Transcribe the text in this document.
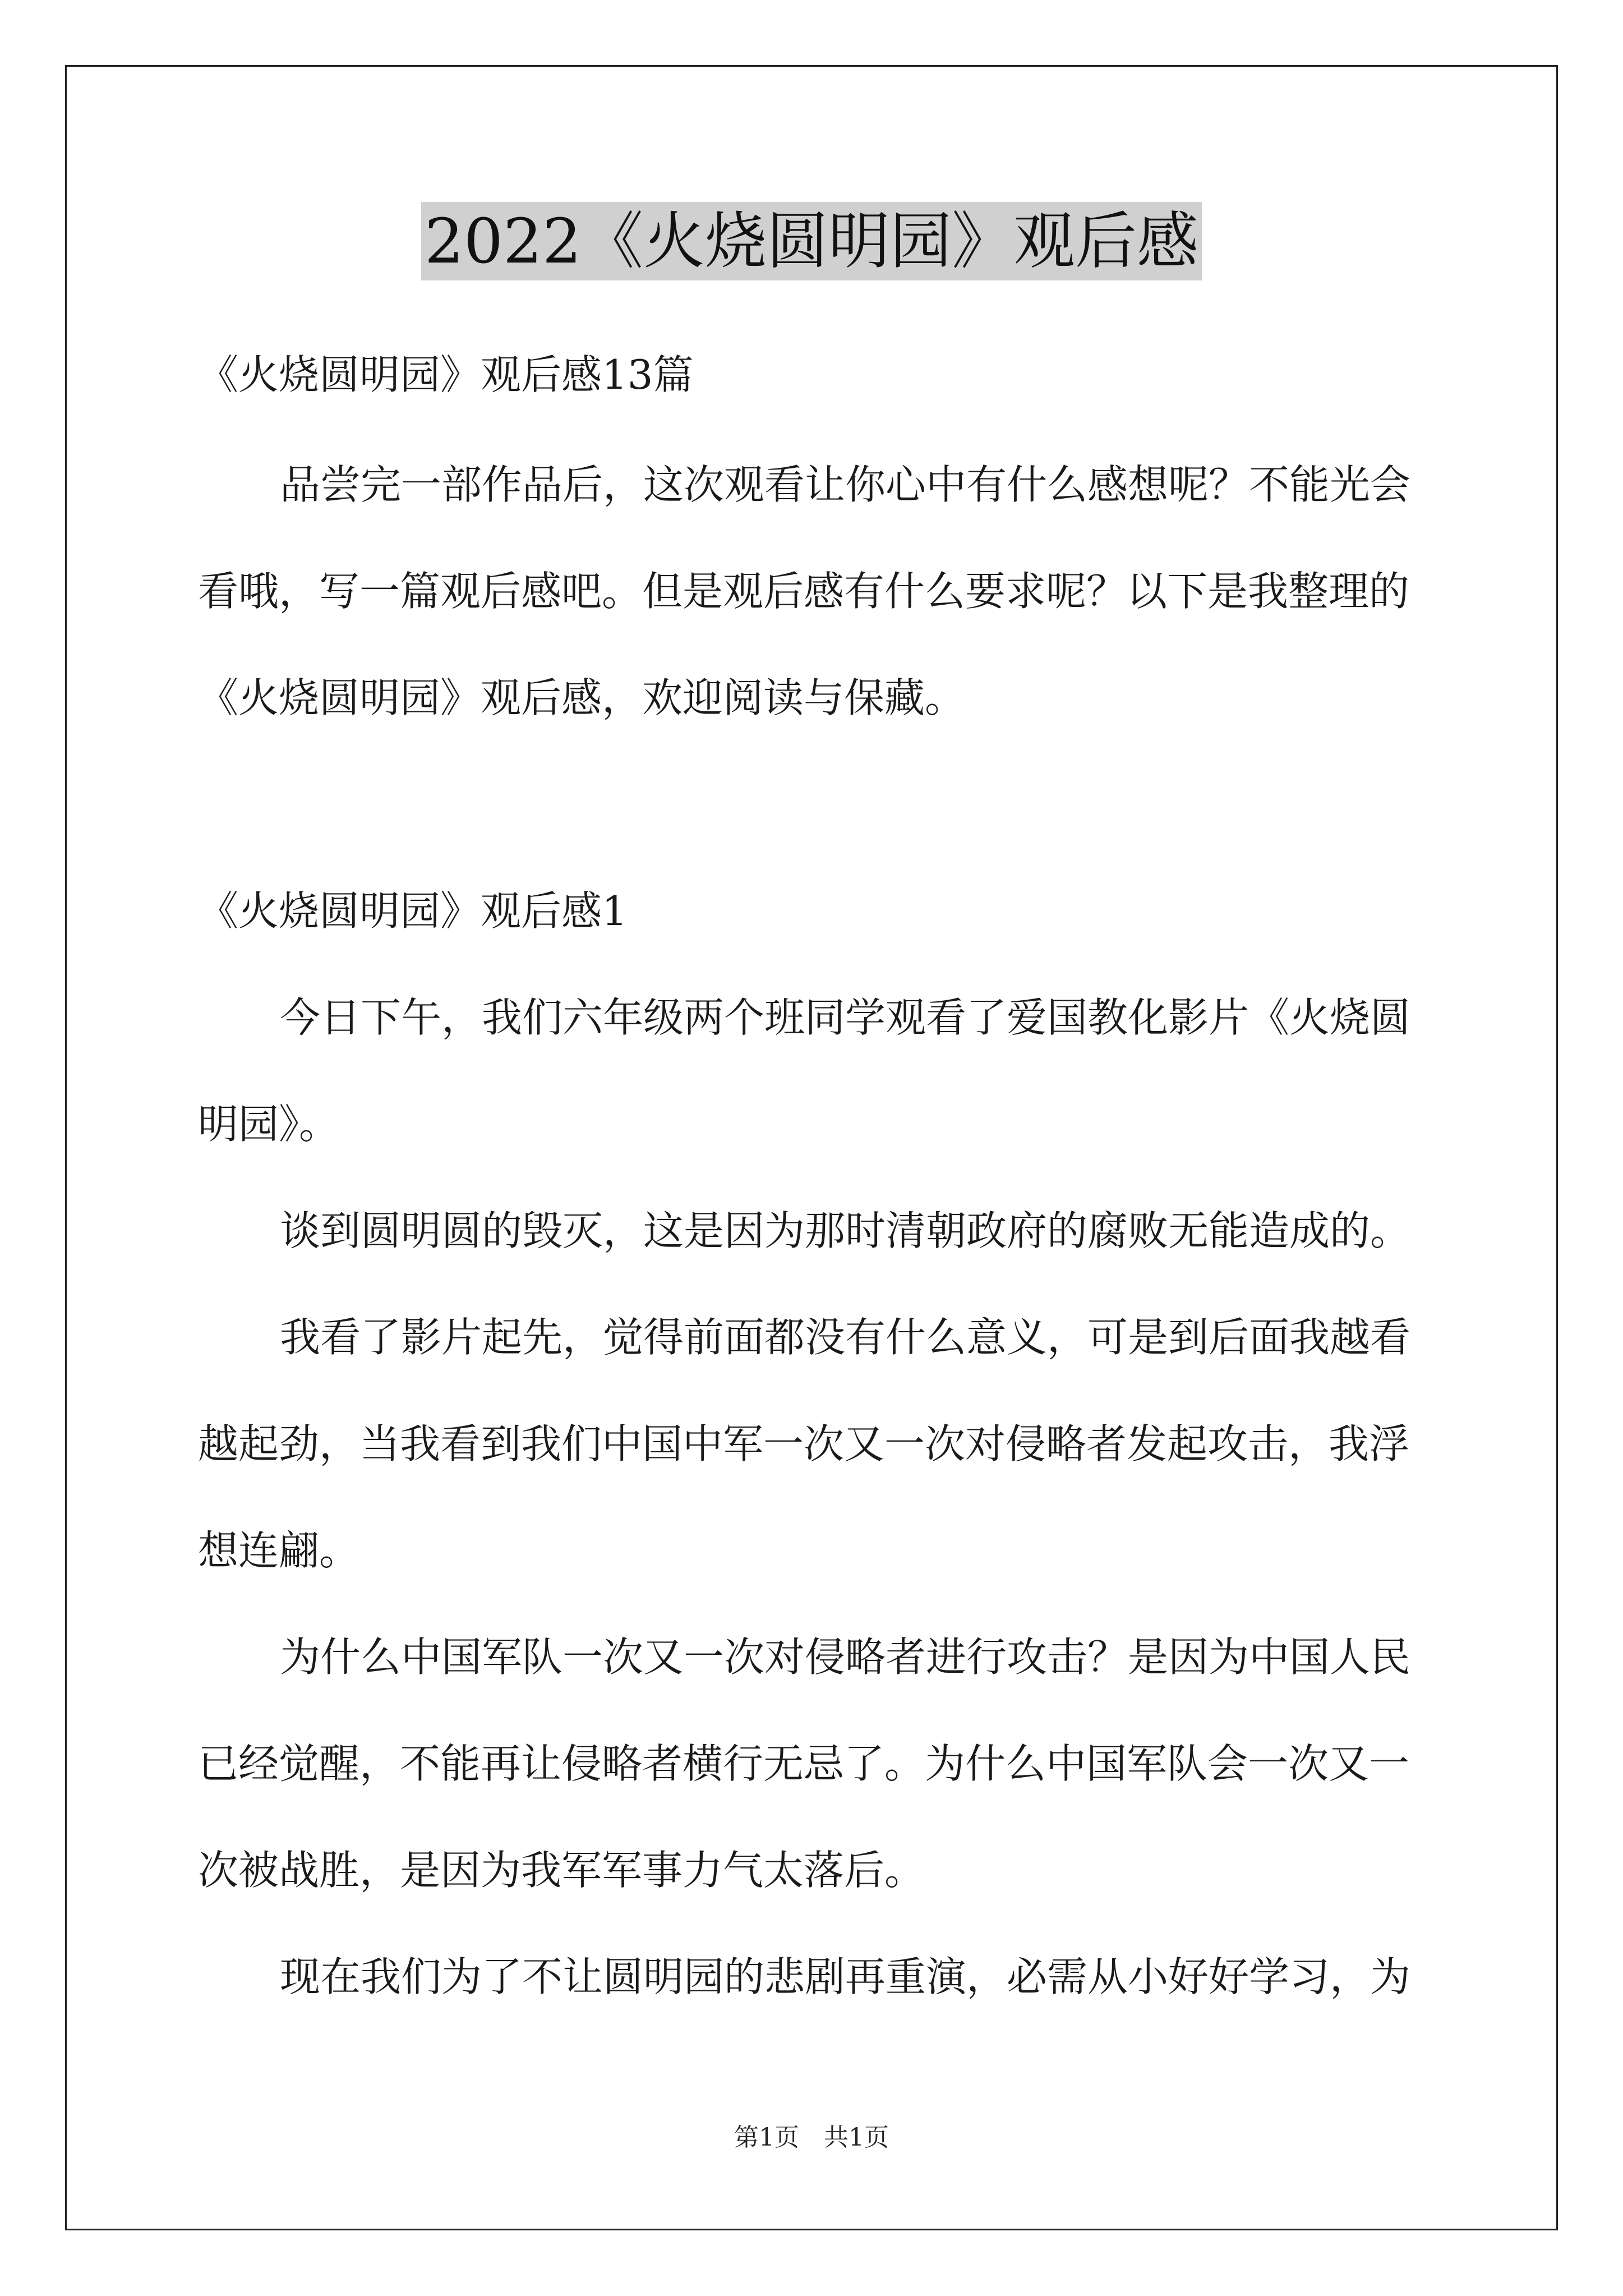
2022《火烧圆明园》观后感
《火烧圆明园》观后感13篇
品尝完一部作品后，这次观看让你心中有什么感想呢？不能光会
看哦，写一篇观后感吧。但是观后感有什么要求呢？以下是我整理的
《火烧圆明园》观后感，欢迎阅读与保藏。
《火烧圆明园》观后感1
今日下午，我们六年级两个班同学观看了爱国教化影片《火烧圆
明园》。
谈到圆明圆的毁灭，这是因为那时清朝政府的腐败无能造成的。
我看了影片起先，觉得前面都没有什么意义，可是到后面我越看
越起劲，当我看到我们中国中军一次又一次对侵略者发起攻击，我浮
想连翩。
为什么中国军队一次又一次对侵略者进行攻击？是因为中国人民
已经觉醒，不能再让侵略者横行无忌了。为什么中国军队会一次又一
次被战胜，是因为我军军事力气太落后。
现在我们为了不让圆明园的悲剧再重演，必需从小好好学习，为
第1页　共1页
